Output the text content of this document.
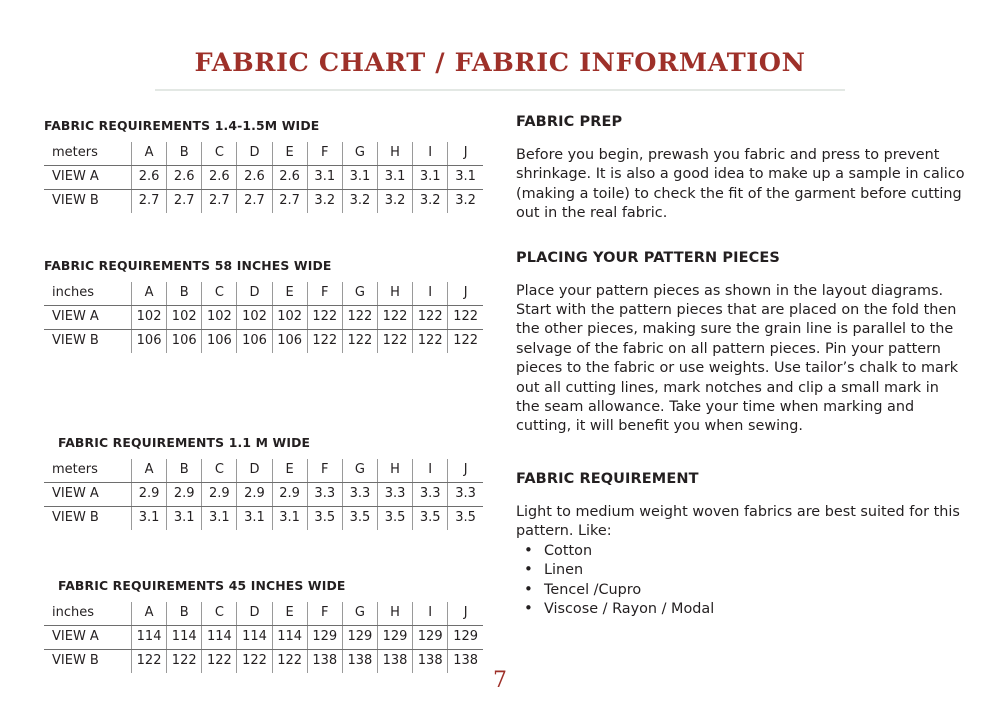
FABRIC CHART / FABRIC INFORMATION
FABRIC REQUIREMENTS 1.4-1.5M WIDE
meters	A	B	C	D	E	F	G	H	I	J
VIEW A	2.6	2.6	2.6	2.6	2.6	3.1	3.1	3.1	3.1	3.1
VIEW B	2.7	2.7	2.7	2.7	2.7	3.2	3.2	3.2	3.2	3.2
FABRIC REQUIREMENTS 58 INCHES WIDE
inches	A	B	C	D	E	F	G	H	I	J
VIEW A	102	102	102	102	102	122	122	122	122	122
VIEW B	106	106	106	106	106	122	122	122	122	122
FABRIC REQUIREMENTS 1.1 M WIDE
meters	A	B	C	D	E	F	G	H	I	J
VIEW A	2.9	2.9	2.9	2.9	2.9	3.3	3.3	3.3	3.3	3.3
VIEW B	3.1	3.1	3.1	3.1	3.1	3.5	3.5	3.5	3.5	3.5
FABRIC REQUIREMENTS 45 INCHES WIDE
inches	A	B	C	D	E	F	G	H	I	J
VIEW A	114	114	114	114	114	129	129	129	129	129
VIEW B	122	122	122	122	122	138	138	138	138	138
FABRIC PREP

Before you begin, prewash you fabric and press to prevent shrinkage. It is also a good idea to make up a sample in calico (making a toile) to check the fit of the garment before cutting out in the real fabric.

PLACING YOUR PATTERN PIECES

Place your pattern pieces as shown in the layout diagrams. Start with the pattern pieces that are placed on the fold then the other pieces, making sure the grain line is parallel to the selvage of the fabric on all pattern pieces. Pin your pattern pieces to the fabric or use weights. Use tailor’s chalk to mark out all cutting lines, mark notches and clip a small mark in the seam allowance. Take your time when marking and cutting, it will benefit you when sewing.

FABRIC REQUIREMENT

Light to medium weight woven fabrics are best suited for this pattern. Like:

• Cotton
• Linen
• Tencel /Cupro
• Viscose / Rayon / Modal
7
